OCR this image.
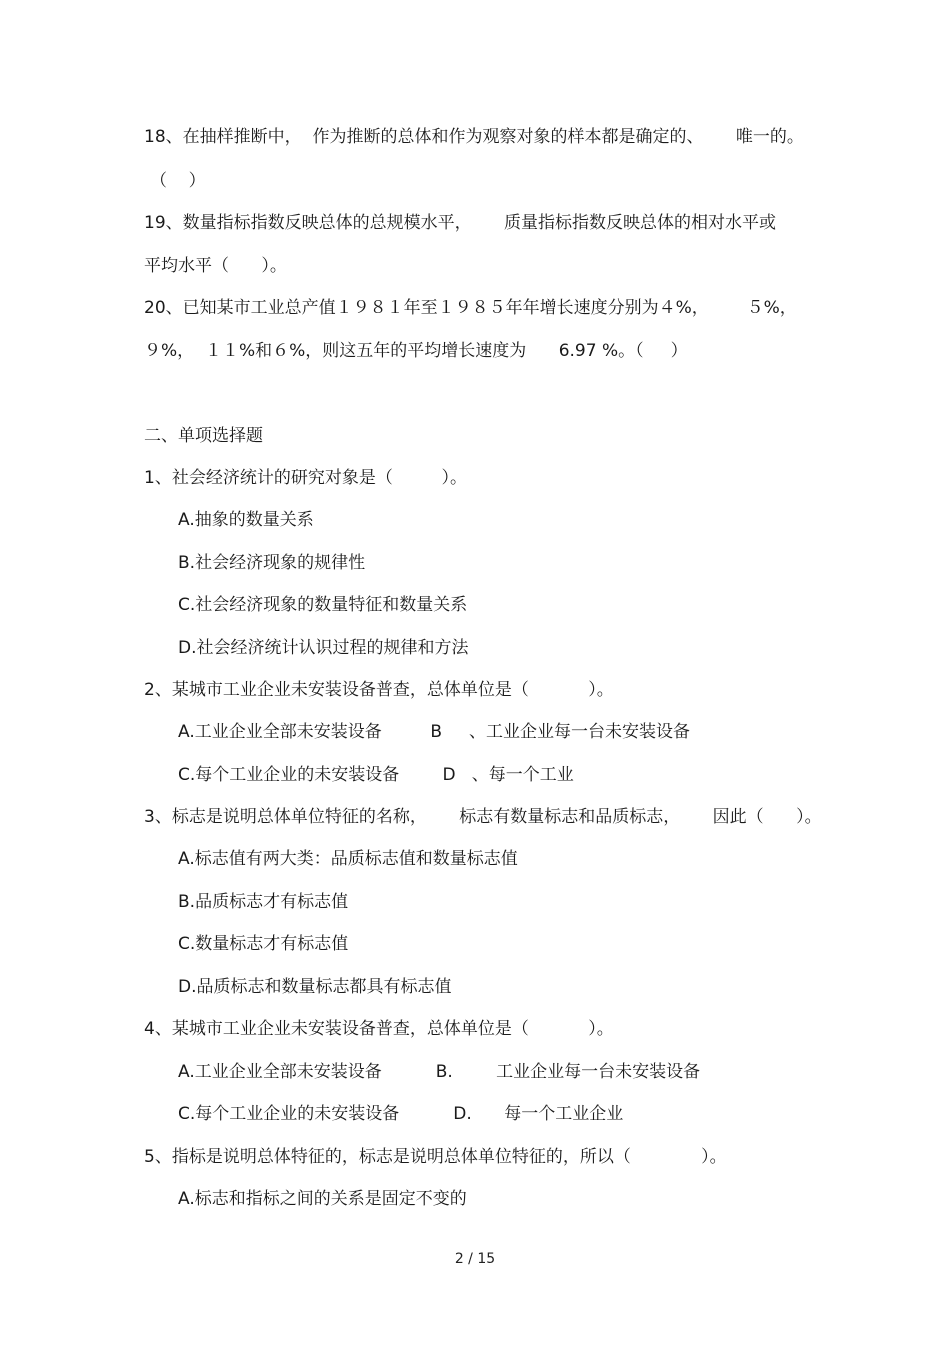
18、在抽样推断中，  作为推断的总体和作为观察对象的样本都是确定的、      唯一的。
（    ）
19、数量指标指数反映总体的总规模水平，      质量指标指数反映总体的相对水平或
平均水平（      ）。
20、已知某市工业总产值１９８１年至１９８５年年增长速度分别为４%，       ５%，
９%，  １１%和６%，则这五年的平均增长速度为      6.97 %。（     ）
二、单项选择题
1、社会经济统计的研究对象是（         ）。
A.抽象的数量关系
B.社会经济现象的规律性
C.社会经济现象的数量特征和数量关系
D.社会经济统计认识过程的规律和方法
2、某城市工业企业未安装设备普查，总体单位是（           ）。
A.工业企业全部未安装设备         B     、工业企业每一台未安装设备
C.每个工业企业的未安装设备        D   、每一个工业
3、标志是说明总体单位特征的名称，      标志有数量标志和品质标志，      因此（      ）。
A.标志值有两大类：品质标志值和数量标志值
B.品质标志才有标志值
C.数量标志才有标志值
D.品质标志和数量标志都具有标志值
4、某城市工业企业未安装设备普查，总体单位是（           ）。
A.工业企业全部未安装设备          B.        工业企业每一台未安装设备
C.每个工业企业的未安装设备          D.      每一个工业企业
5、指标是说明总体特征的，标志是说明总体单位特征的，所以（             ）。
A.标志和指标之间的关系是固定不变的
2 / 15
